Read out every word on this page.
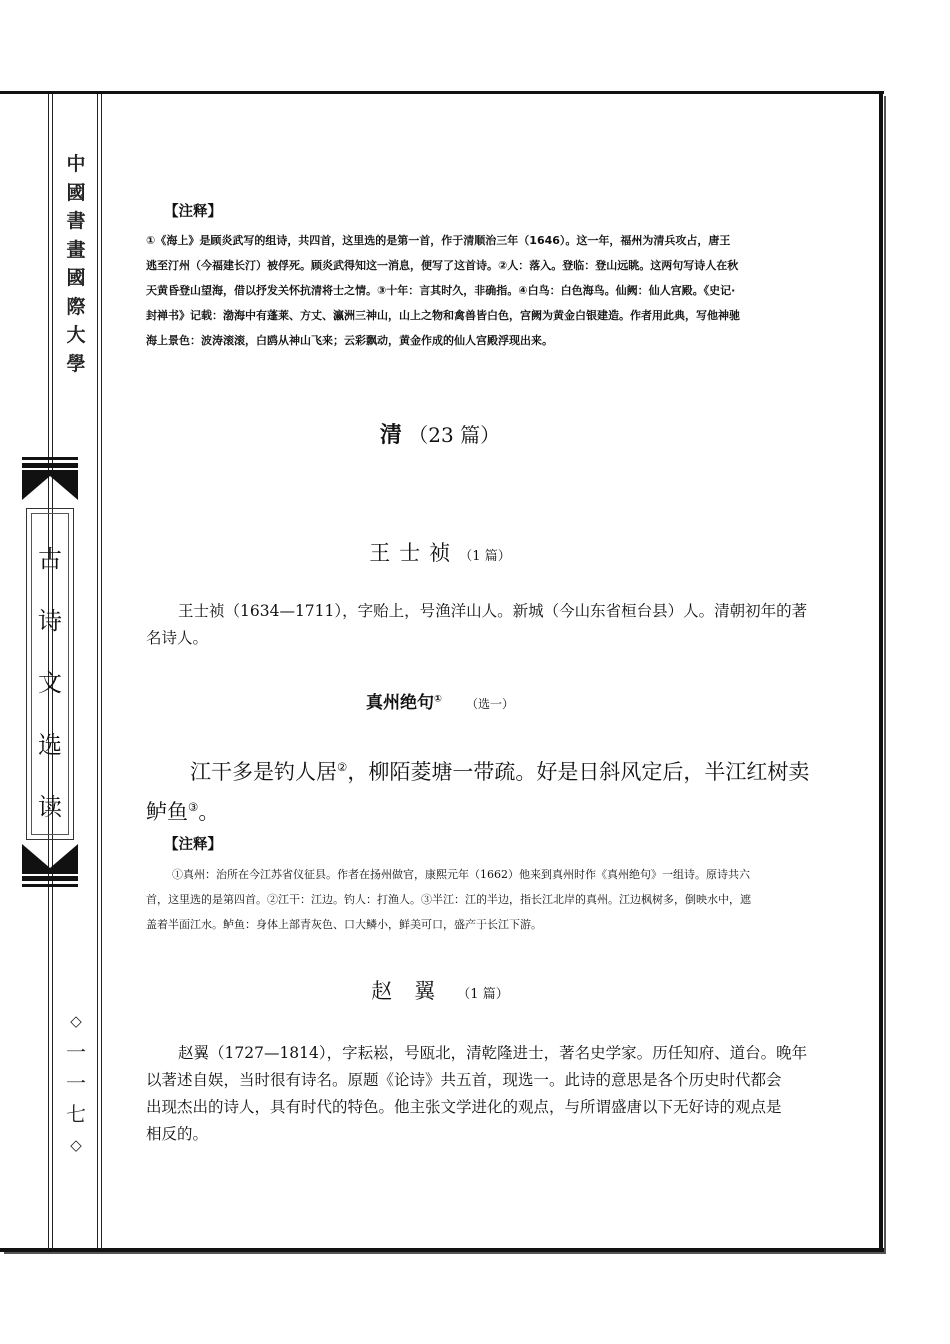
中
國
書
畫
國
際
大
學
古
诗
文
选
读
◇
一
一
七
◇
【注释】
①《海上》是顾炎武写的组诗，共四首，这里选的是第一首，作于清顺治三年（1646）。这一年，福州为清兵攻占，唐王
逃至汀州（今福建长汀）被俘死。顾炎武得知这一消息，便写了这首诗。②人：落入。登临：登山远眺。这两句写诗人在秋
天黄昏登山望海，借以抒发关怀抗清将士之情。③十年：言其时久，非确指。④白鸟：白色海鸟。仙阙：仙人宫殿。《史记·
封禅书》记载：渤海中有蓬莱、方丈、瀛洲三神山，山上之物和禽兽皆白色，宫阙为黄金白银建造。作者用此典，写他神驰
海上景色：波涛滚滚，白鸥从神山飞来；云彩飘动，黄金作成的仙人宫殿浮现出来。
清 （23 篇）
王士祯（1 篇）
王士祯（1634—1711），字贻上，号渔洋山人。新城（今山东省桓台县）人。清朝初年的著
名诗人。
真州绝句① （选一）
江干多是钓人居②，柳陌菱塘一带疏。好是日斜风定后，半江红树卖
鲈鱼③。
【注释】
①真州：治所在今江苏省仪征县。作者在扬州做官，康熙元年（1662）他来到真州时作《真州绝句》一组诗。原诗共六
首，这里选的是第四首。②江干：江边。钓人：打渔人。③半江：江的半边，指长江北岸的真州。江边枫树多，倒映水中，遮
盖着半面江水。鲈鱼：身体上部青灰色、口大鳞小，鲜美可口，盛产于长江下游。
赵翼（1 篇）
赵翼（1727—1814），字耘崧，号瓯北，清乾隆进士，著名史学家。历任知府、道台。晚年
以著述自娱，当时很有诗名。原题《论诗》共五首，现选一。此诗的意思是各个历史时代都会
出现杰出的诗人，具有时代的特色。他主张文学进化的观点，与所谓盛唐以下无好诗的观点是
相反的。
